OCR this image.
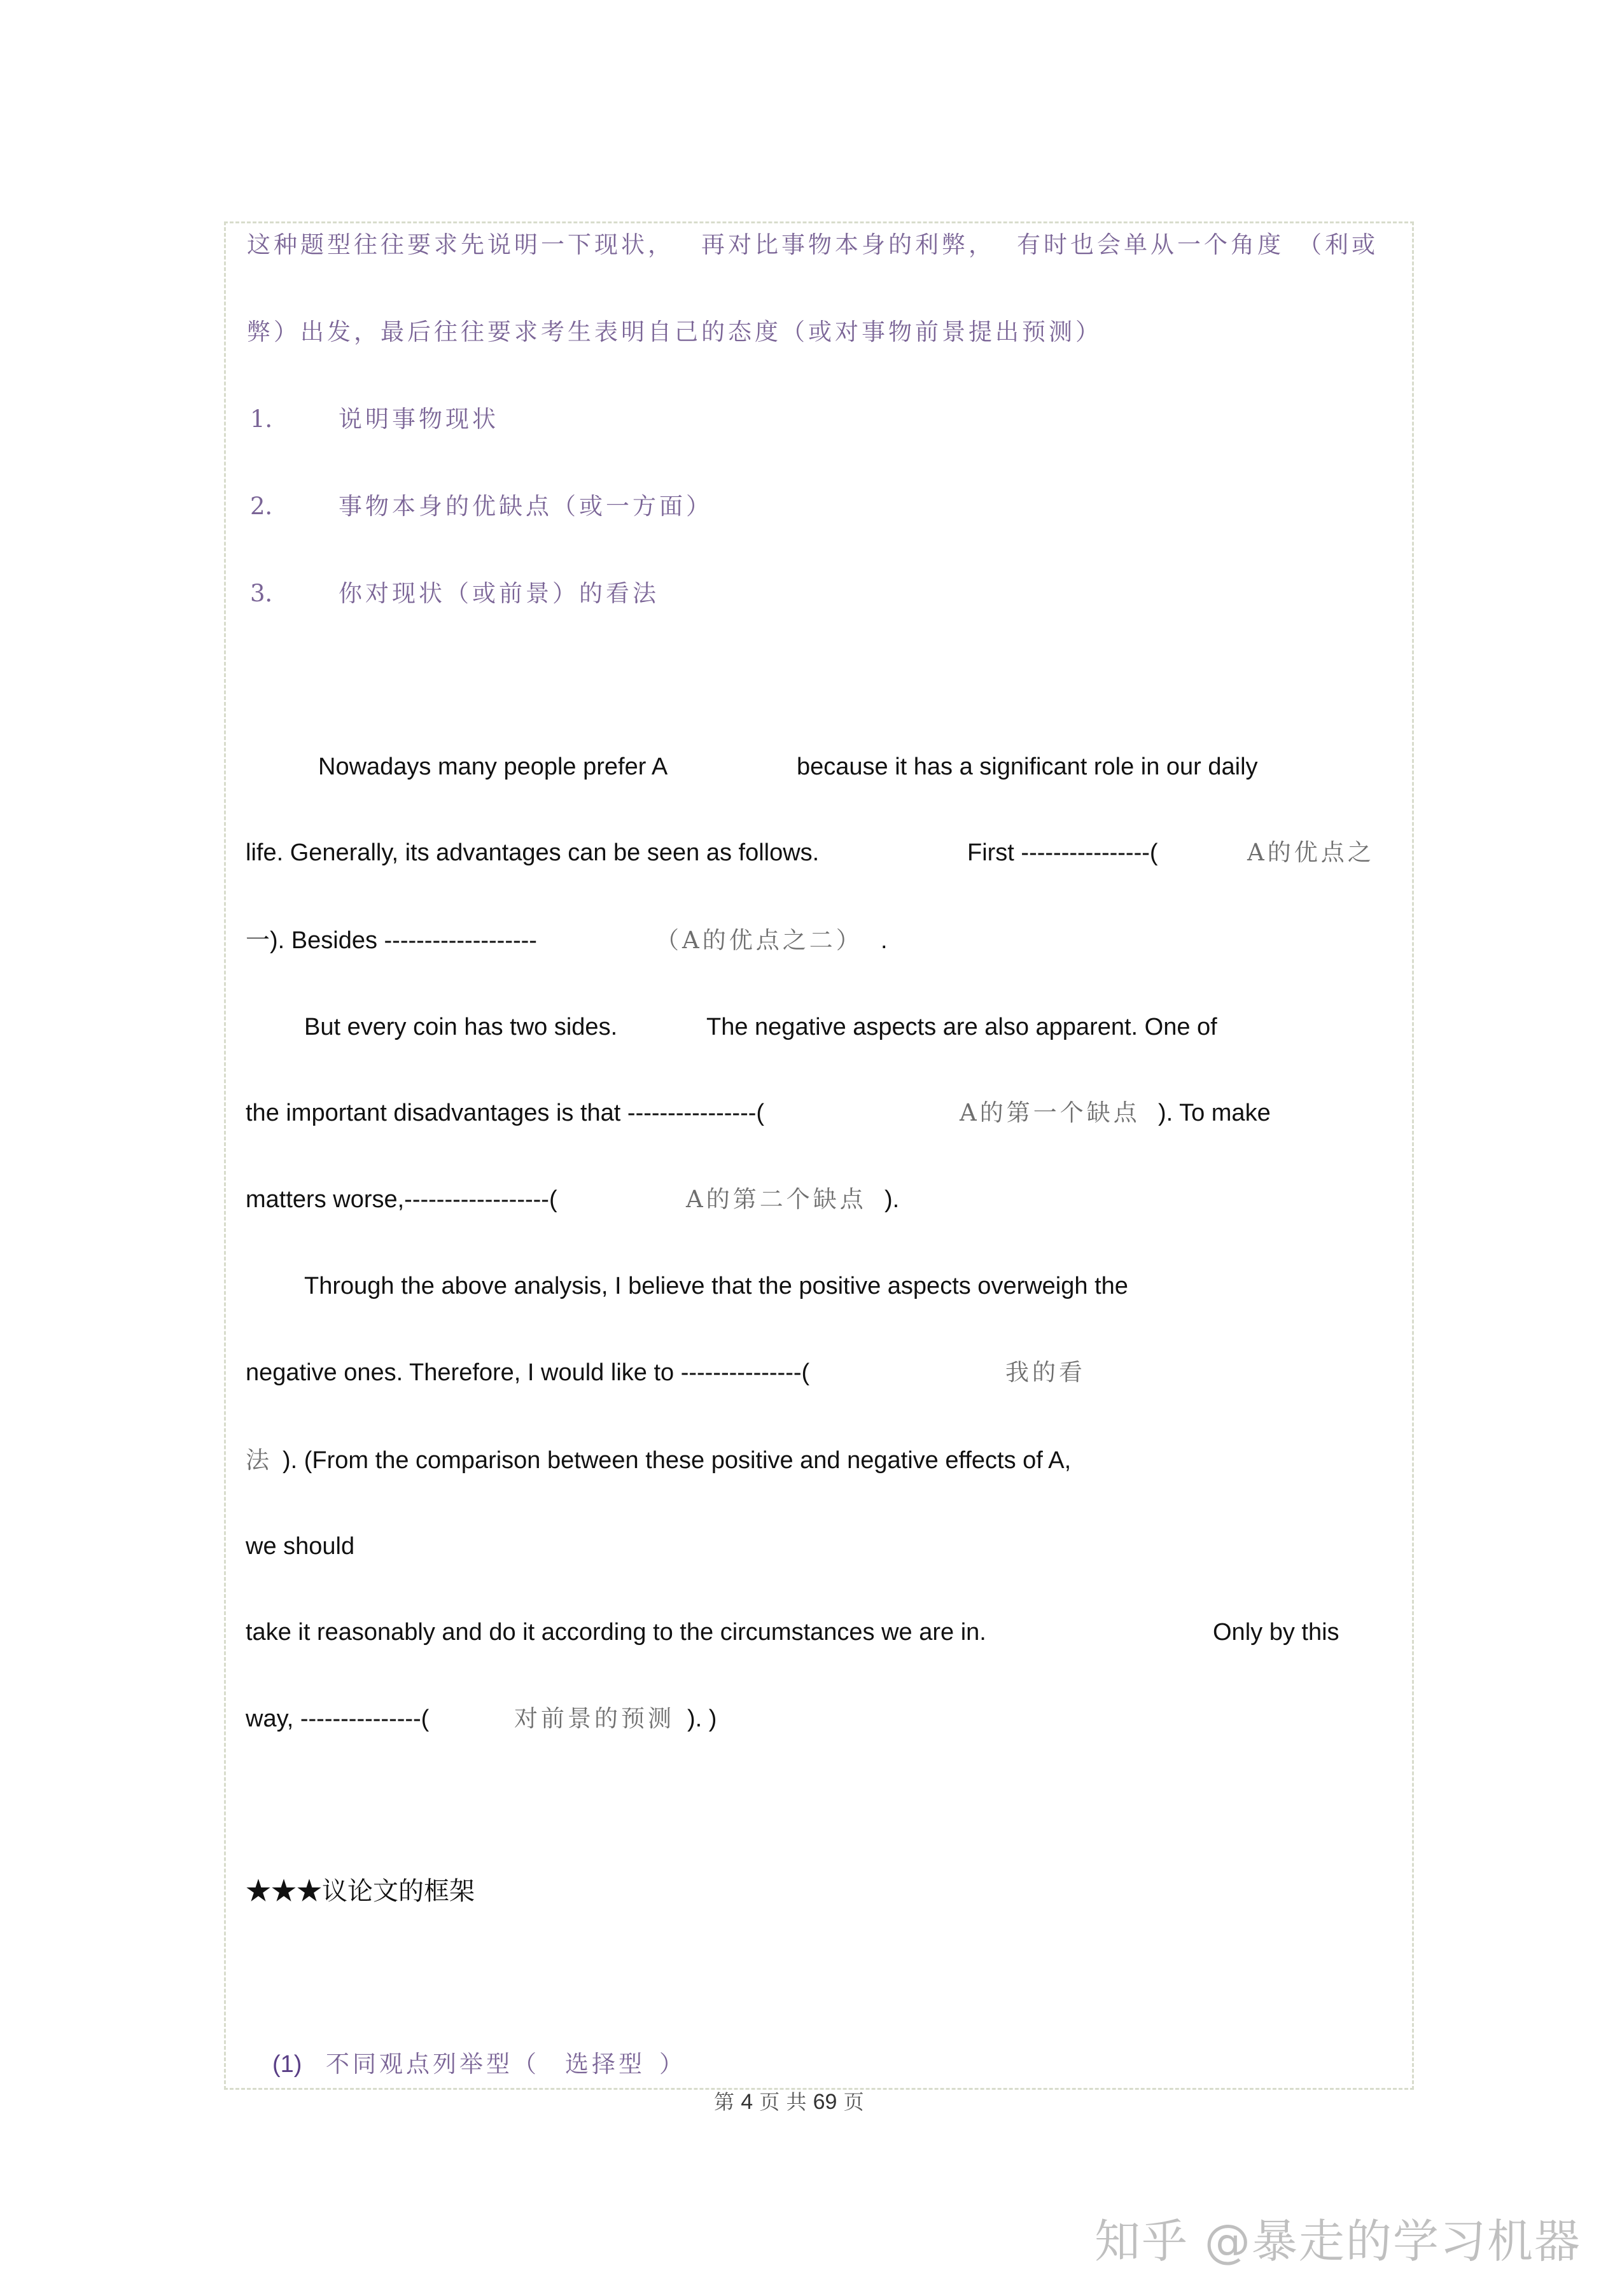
这种题型往往要求先说明一下现状， 再对比事物本身的利弊， 有时也会单从一个角度 （利或
弊）出发，最后往往要求考生表明自己的态度（或对事物前景提出预测）
1． 说明事物现状
2． 事物本身的优缺点（或一方面）
3． 你对现状（或前景）的看法
Nowadays many people prefer A	because it has a significant role in our daily
life. Generally, its advantages can be seen as follows.	First ----------------(	A的优点之
一). Besides -------------------	（A的优点之二） .
But every coin has two sides.	The negative aspects are also apparent. One of
the important disadvantages is that ----------------(	A的第一个缺点 ). To make
matters worse,------------------(	A的第二个缺点 ).
Through the above analysis, I believe that the positive aspects overweigh the
negative ones. Therefore, I would like to ---------------(	我的看
法 ). (From the comparison between these positive and negative effects of A,
we should
take it reasonably and do it according to the circumstances we are in.	Only by this
way, ---------------(	对前景的预测 ). )
★★★议论文的框架
(1) 不同观点列举型（ 选择型 ）
第 4 页 共 69 页
知乎 @暴走的学习机器
